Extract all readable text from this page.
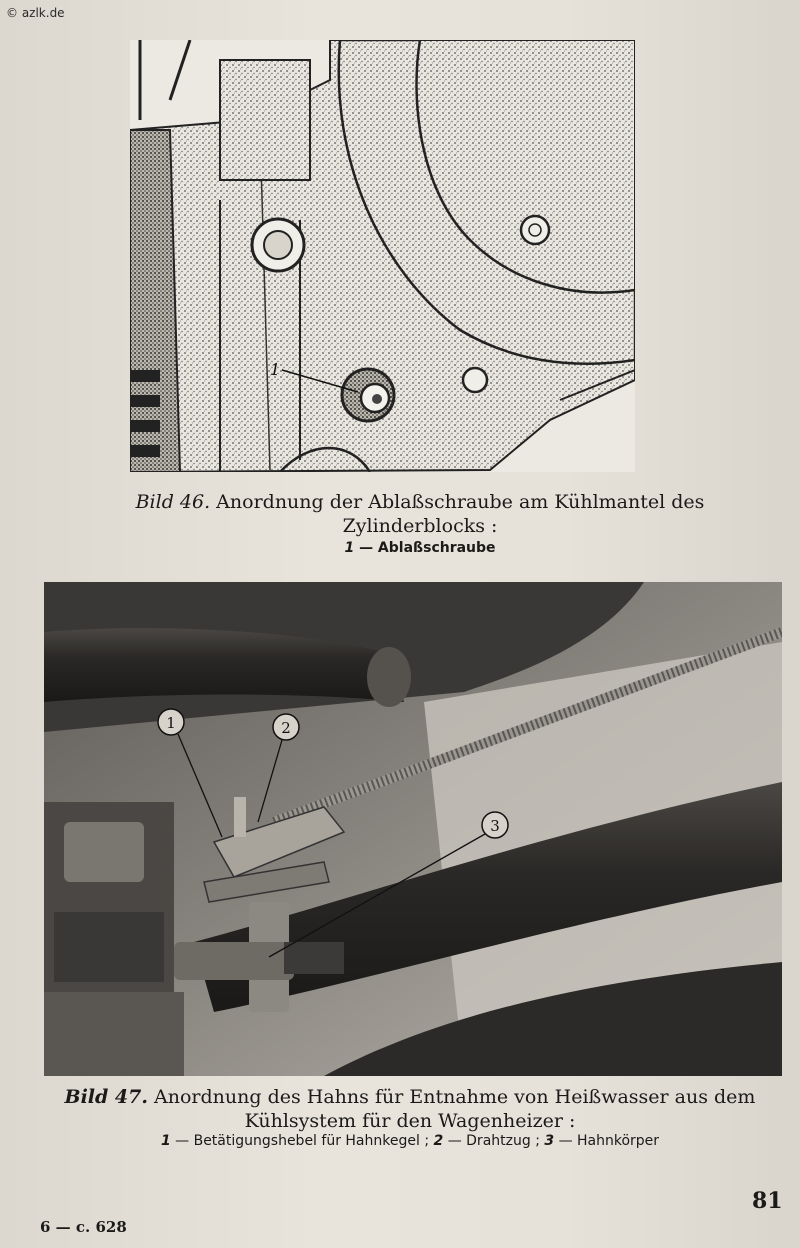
© azlk.de
1
Bild 46. Anordnung der Ablaßschraube am Kühlmantel des
Zylinderblocks :
1 — Ablaßschraube
1	2
3
Bild 47. Anordnung des Hahns für Entnahme von Heißwasser aus dem
Kühlsystem für den Wagenheizer :
1 — Betätigungshebel für Hahnkegel ; 2 — Drahtzug ; 3 — Hahnkörper
81
6 — c. 628
